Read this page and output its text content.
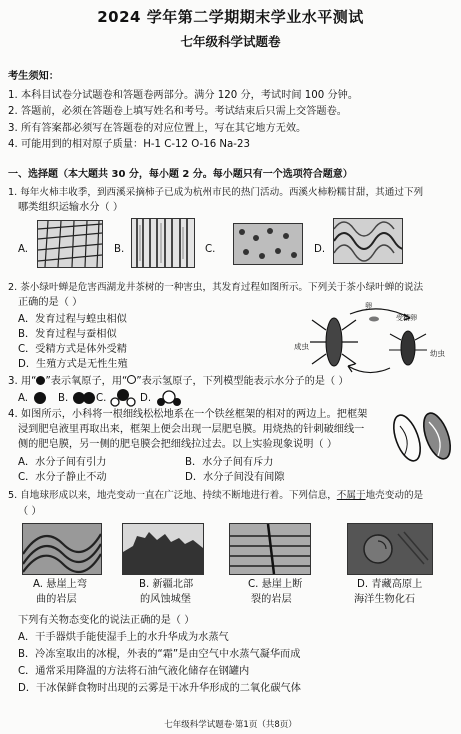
2024 学年第二学期期末学业水平测试
七年级科学试题卷
考生须知：
1. 本科目试卷分试题卷和答题卷两部分。满分 120 分，考试时间 100 分钟。
2. 答题前，必须在答题卷上填写姓名和考号。考试结束后只需上交答题卷。
3. 所有答案都必须写在答题卷的对应位置上，写在其它地方无效。
4. 可能用到的相对原子质量：H-1 C-12 O-16 Na-23
一、选择题（本大题共 30 分，每小题 2 分。每小题只有一个选项符合题意）
1. 每年火柿丰收季，到西溪采摘柿子已成为杭州市民的热门活动。西溪火柿粉糯甘甜，其通过下列
哪类组织运输水分（ ）
A.	B.	C.	D.
2. 茶小绿叶蝉是危害西湖龙井茶树的一种害虫，其发育过程如图所示。下列关于茶小绿叶蝉的说法
正确的是（ ）
A．发育过程与蝗虫相似
B．发育过程与蚕相似
C．受精方式是体外受精
D．生殖方式是无性生殖
卵
受精卵
成虫
幼虫
3. 用“ ”表示氧原子，用“ ”表示氢原子，下列模型能表示水分子的是（ ）
A.	B.	C.	D.
4. 如图所示，小科将一根细线松松地系在一个铁丝框架的相对的两边上。把框架
浸到肥皂液里再取出来，框架上便会出现一层肥皂膜。用烧热的针刺破细线一
侧的肥皂膜，另一侧的肥皂膜会把细线拉过去。以上实验现象说明（ ）
A．水分子间有引力	B．水分子间有斥力
C．水分子静止不动	D．水分子间没有间隙
5. 自地球形成以来，地壳变动一直在广泛地、持续不断地进行着。下列信息，不属于地壳变动的是
（ ）
A. 悬崖上弯
曲的岩层
B. 新疆北部
的风蚀城堡
C. 悬崖上断
裂的岩层
D. 青藏高原上
海洋生物化石
下列有关物态变化的说法正确的是（ ）
A．干手器烘手能使湿手上的水升华成为水蒸气
B．冷冻室取出的冰棍，外表的“霜”是由空气中水蒸气凝华而成
C．通常采用降温的方法将石油气液化储存在钢罐内
D．干冰保鲜食物时出现的云雾是干冰升华形成的二氧化碳气体
七年级科学试题卷·第1页（共8页）
